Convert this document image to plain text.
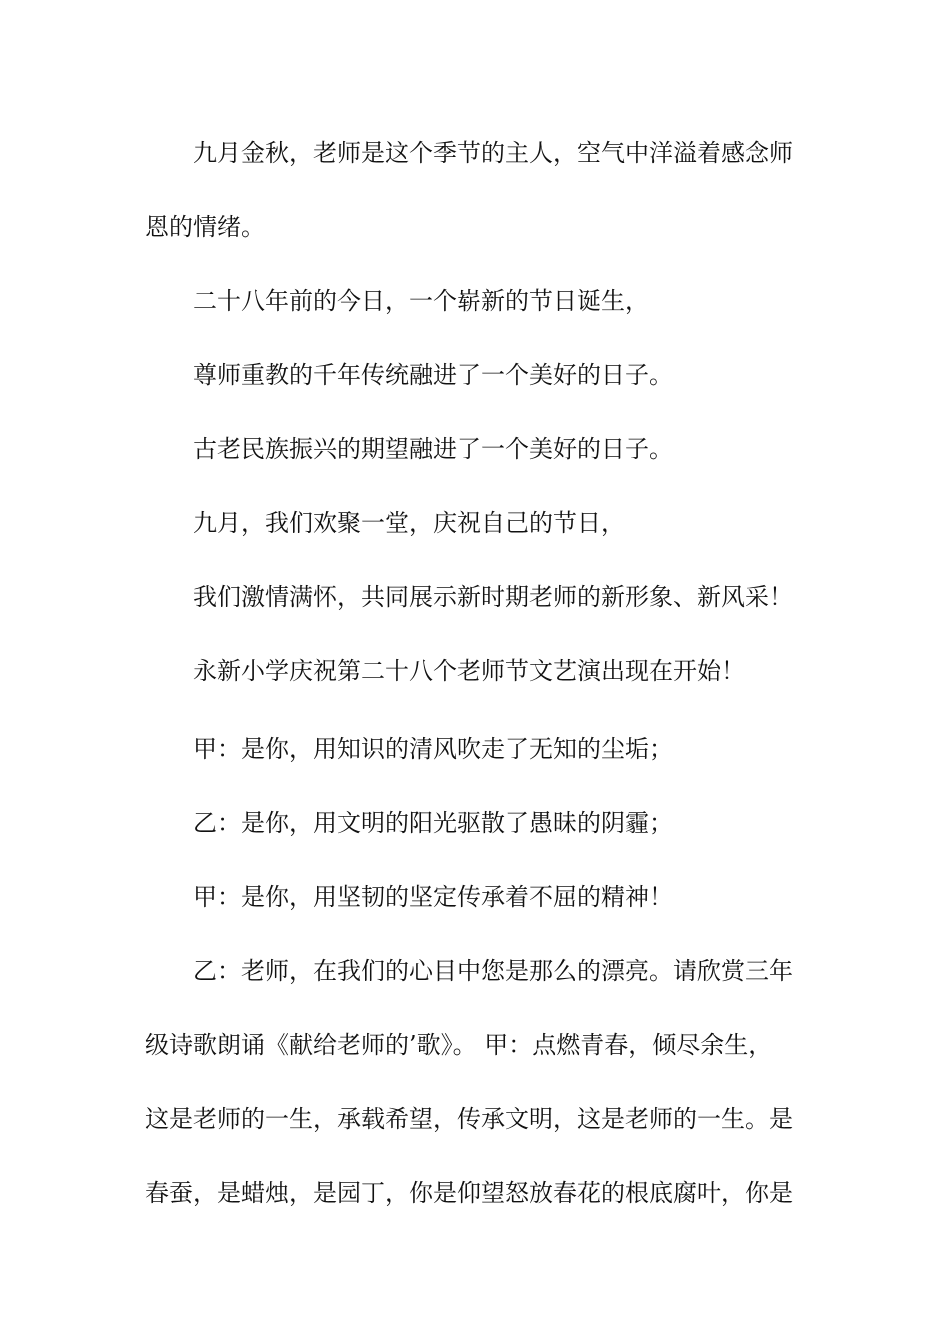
九月金秋，老师是这个季节的主人，空气中洋溢着感念师
恩的情绪。
二十八年前的今日，一个崭新的节日诞生，
尊师重教的千年传统融进了一个美好的日子。
古老民族振兴的期望融进了一个美好的日子。
九月，我们欢聚一堂，庆祝自己的节日，
我们激情满怀，共同展示新时期老师的新形象、新风采！
永新小学庆祝第二十八个老师节文艺演出现在开始！
甲：是你，用知识的清风吹走了无知的尘垢；
乙：是你，用文明的阳光驱散了愚昧的阴霾；
甲：是你，用坚韧的坚定传承着不屈的精神！
乙：老师，在我们的心目中您是那么的漂亮。请欣赏三年
级诗歌朗诵《献给老师的’歌》。 甲：点燃青春，倾尽余生，
这是老师的一生，承载希望，传承文明，这是老师的一生。是
春蚕，是蜡烛，是园丁，你是仰望怒放春花的根底腐叶，你是
